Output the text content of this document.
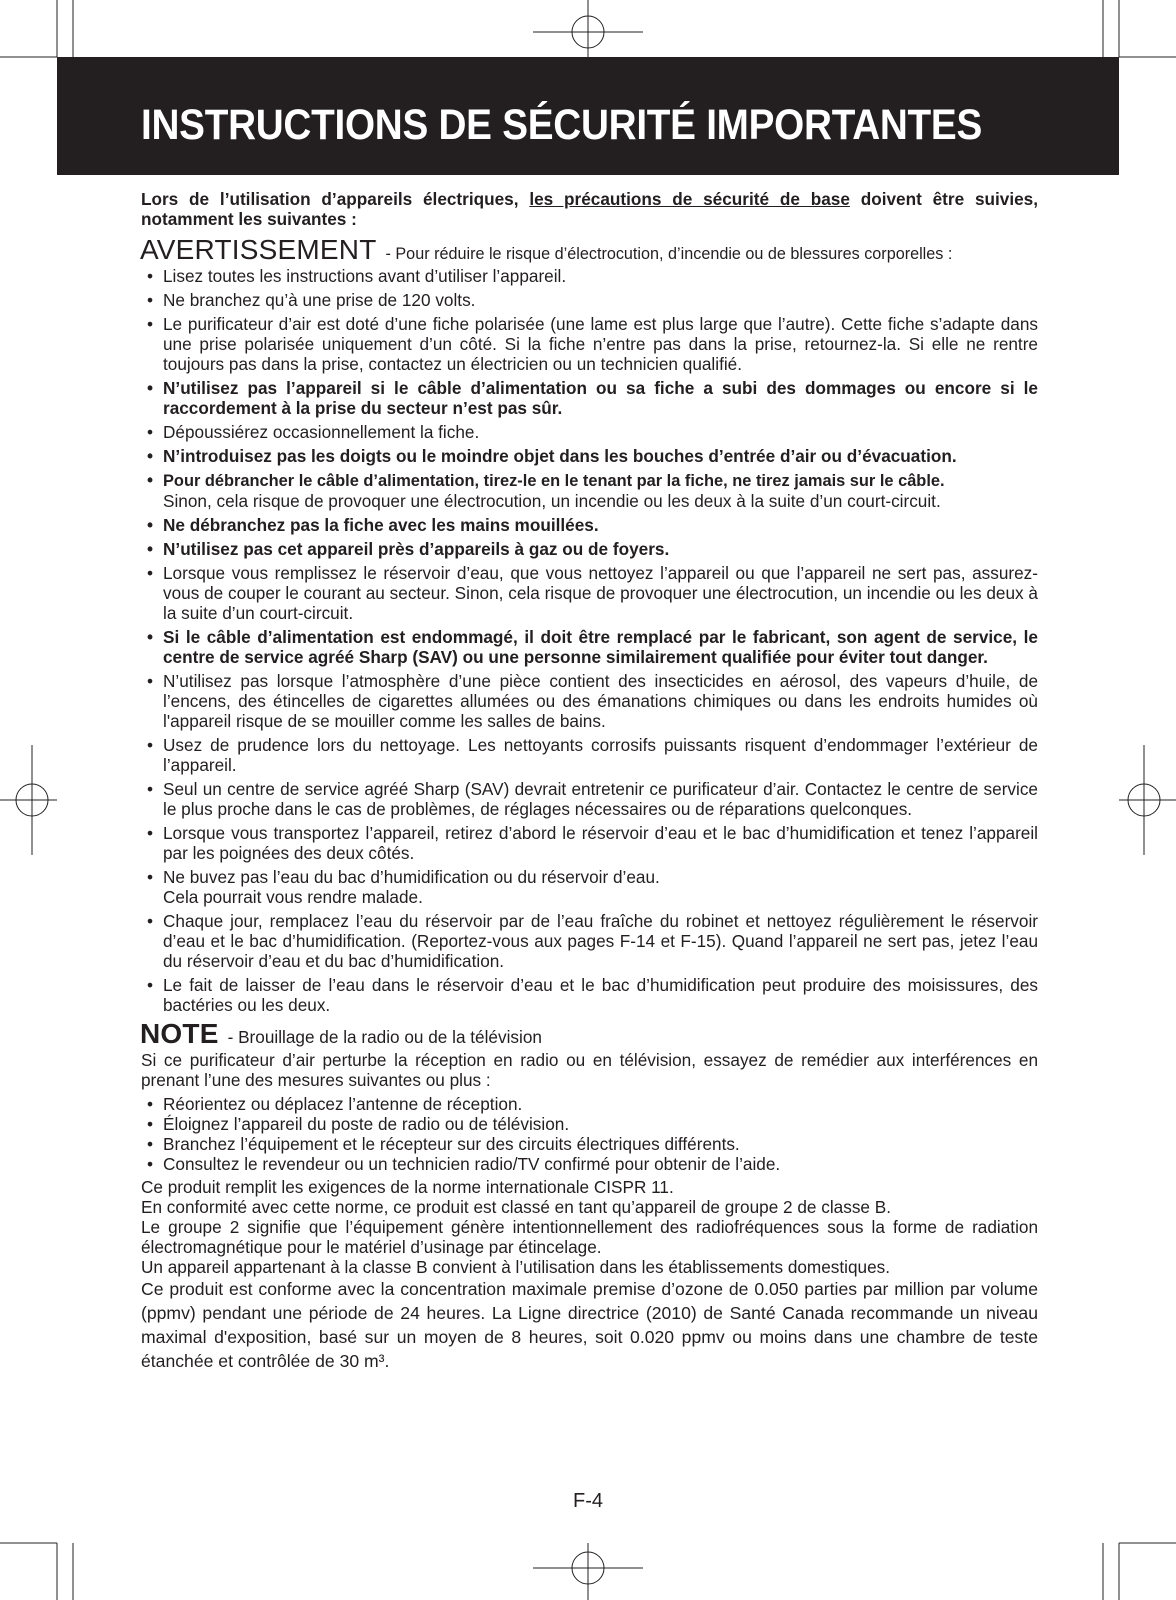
INSTRUCTIONS DE SÉCURITÉ IMPORTANTES

Lors de l’utilisation d’appareils électriques, les précautions de sécurité de base doivent être suivies, notamment les suivantes :

AVERTISSEMENT - Pour réduire le risque d’électrocution, d’incendie ou de blessures corporelles :
• Lisez toutes les instructions avant d’utiliser l’appareil.
• Ne branchez qu’à une prise de 120 volts.
• Le purificateur d’air est doté d’une fiche polarisée (une lame est plus large que l’autre). Cette fiche s’adapte dans une prise polarisée uniquement d’un côté. Si la fiche n’entre pas dans la prise, retournez-la. Si elle ne rentre toujours pas dans la prise, contactez un électricien ou un technicien qualifié.
• N’utilisez pas l’appareil si le câble d’alimentation ou sa fiche a subi des dommages ou encore si le raccordement à la prise du secteur n’est pas sûr.
• Dépoussiérez occasionnellement la fiche.
• N’introduisez pas les doigts ou le moindre objet dans les bouches d’entrée d’air ou d’évacuation.
• Pour débrancher le câble d’alimentation, tirez-le en le tenant par la fiche, ne tirez jamais sur le câble.
Sinon, cela risque de provoquer une électrocution, un incendie ou les deux à la suite d’un court-circuit.
• Ne débranchez pas la fiche avec les mains mouillées.
• N’utilisez pas cet appareil près d’appareils à gaz ou de foyers.
• Lorsque vous remplissez le réservoir d’eau, que vous nettoyez l’appareil ou que l’appareil ne sert pas, assurez-vous de couper le courant au secteur. Sinon, cela risque de provoquer une électrocution, un incendie ou les deux à la suite d’un court-circuit.
• Si le câble d’alimentation est endommagé, il doit être remplacé par le fabricant, son agent de service, le centre de service agréé Sharp (SAV) ou une personne similairement qualifiée pour éviter tout danger.
• N’utilisez pas lorsque l’atmosphère d’une pièce contient des insecticides en aérosol, des vapeurs d’huile, de l’encens, des étincelles de cigarettes allumées ou des émanations chimiques ou dans les endroits humides où l'appareil risque de se mouiller comme les salles de bains.
• Usez de prudence lors du nettoyage. Les nettoyants corrosifs puissants risquent d’endommager l’extérieur de l’appareil.
• Seul un centre de service agréé Sharp (SAV) devrait entretenir ce purificateur d’air. Contactez le centre de service le plus proche dans le cas de problèmes, de réglages nécessaires ou de réparations quelconques.
• Lorsque vous transportez l’appareil, retirez d’abord le réservoir d’eau et le bac d’humidification et tenez l’appareil par les poignées des deux côtés.
• Ne buvez pas l’eau du bac d’humidification ou du réservoir d’eau.
Cela pourrait vous rendre malade.
• Chaque jour, remplacez l’eau du réservoir par de l’eau fraîche du robinet et nettoyez régulièrement le réservoir d’eau et le bac d’humidification. (Reportez-vous aux pages F-14 et F-15). Quand l’appareil ne sert pas, jetez l’eau du réservoir d’eau et du bac d’humidification.
• Le fait de laisser de l’eau dans le réservoir d’eau et le bac d’humidification peut produire des moisissures, des bactéries ou les deux.
NOTE - Brouillage de la radio ou de la télévision

Si ce purificateur d’air perturbe la réception en radio ou en télévision, essayez de remédier aux interférences en prenant l’une des mesures suivantes ou plus :

• Réorientez ou déplacez l’antenne de réception.
• Éloignez l’appareil du poste de radio ou de télévision.
• Branchez l’équipement et le récepteur sur des circuits électriques différents.
• Consultez le revendeur ou un technicien radio/TV confirmé pour obtenir de l’aide.

Ce produit remplit les exigences de la norme internationale CISPR 11.

En conformité avec cette norme, ce produit est classé en tant qu’appareil de groupe 2 de classe B.

Le groupe 2 signifie que l’équipement génère intentionnellement des radiofréquences sous la forme de radiation électromagnétique pour le matériel d’usinage par étincelage.

Un appareil appartenant à la classe B convient à l’utilisation dans les établissements domestiques.

Ce produit est conforme avec la concentration maximale premise d’ozone de 0.050 parties par million par volume (ppmv) pendant une période de 24 heures. La Ligne directrice (2010) de Santé Canada recommande un niveau maximal d'exposition, basé sur un moyen de 8 heures, soit 0.020 ppmv ou moins dans une chambre de teste étanchée et contrôlée de 30 m³.

F-4
